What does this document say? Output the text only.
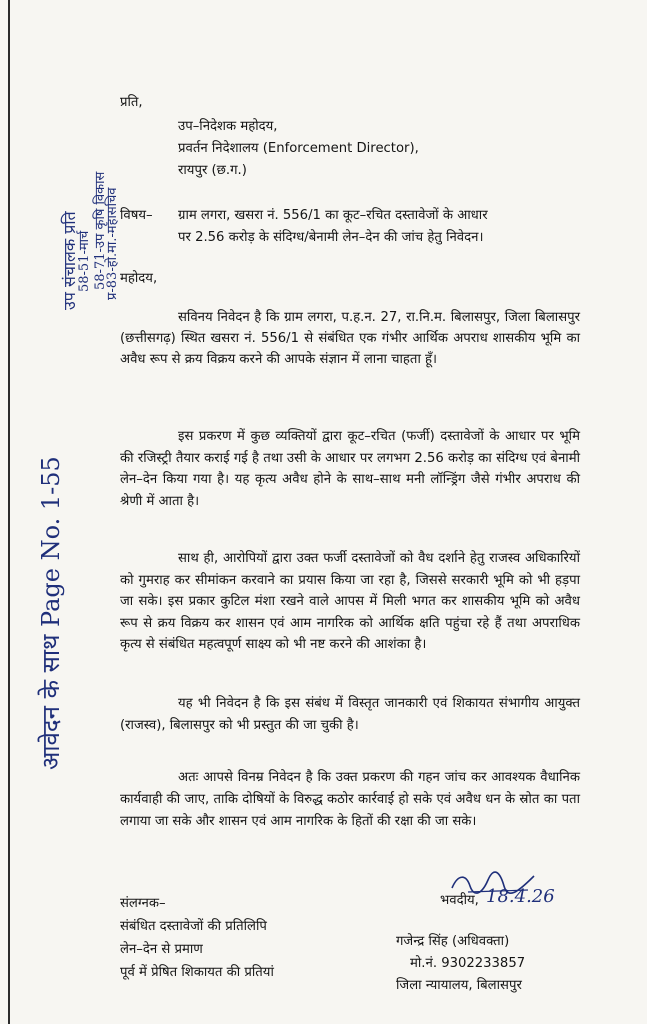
आवेदन के साथ Page No. 1-55
उप संचालक प्रति
58-51-मार्च 58-71-उप कृषि विकास
प्र-83-हो.मा.-महासचिव
प्रति,
उप–निदेशक महोदय,
प्रवर्तन निदेशालय (Enforcement Director),
रायपुर (छ.ग.)
विषय– ग्राम लगरा, खसरा नं. 556/1 का कूट–रचित दस्तावेजों के आधार
पर 2.56 करोड़ के संदिग्ध/बेनामी लेन–देन की जांच हेतु निवेदन।
महोदय,
सविनय निवेदन है कि ग्राम लगरा, प.ह.न. 27, रा.नि.म. बिलासपुर, जिला बिलासपुर (छत्तीसगढ़) स्थित खसरा नं. 556/1 से संबंधित एक गंभीर आर्थिक अपराध शासकीय भूमि का अवैध रूप से क्रय विक्रय करने की आपके संज्ञान में लाना चाहता हूँ।
इस प्रकरण में कुछ व्यक्तियों द्वारा कूट–रचित (फर्जी) दस्तावेजों के आधार पर भूमि की रजिस्ट्री तैयार कराई गई है तथा उसी के आधार पर लगभग 2.56 करोड़ का संदिग्ध एवं बेनामी लेन–देन किया गया है। यह कृत्य अवैध होने के साथ–साथ मनी लॉन्ड्रिंग जैसे गंभीर अपराध की श्रेणी में आता है।
साथ ही, आरोपियों द्वारा उक्त फर्जी दस्तावेजों को वैध दर्शाने हेतु राजस्व अधिकारियों को गुमराह कर सीमांकन करवाने का प्रयास किया जा रहा है, जिससे सरकारी भूमि को भी हड़पा जा सके। इस प्रकार कुटिल मंशा रखने वाले आपस में मिली भगत कर शासकीय भूमि को अवैध रूप से क्रय विक्रय कर शासन एवं आम नागरिक को आर्थिक क्षति पहुंचा रहे हैं तथा अपराधिक कृत्य से संबंधित महत्वपूर्ण साक्ष्य को भी नष्ट करने की आशंका है।
यह भी निवेदन है कि इस संबंध में विस्तृत जानकारी एवं शिकायत संभागीय आयुक्त (राजस्व), बिलासपुर को भी प्रस्तुत की जा चुकी है।
अतः आपसे विनम्र निवेदन है कि उक्त प्रकरण की गहन जांच कर आवश्यक वैधानिक कार्यवाही की जाए, ताकि दोषियों के विरुद्ध कठोर कार्रवाई हो सके एवं अवैध धन के स्रोत का पता लगाया जा सके और शासन एवं आम नागरिक के हितों की रक्षा की जा सके।
भवदीय, 18.4.26
संलग्नक–
संबंधित दस्तावेजों की प्रतिलिपि
लेन–देन से प्रमाण
पूर्व में प्रेषित शिकायत की प्रतियां
गजेन्द्र सिंह (अधिवक्ता)
मो.नं. 9302233857
जिला न्यायालय, बिलासपुर
